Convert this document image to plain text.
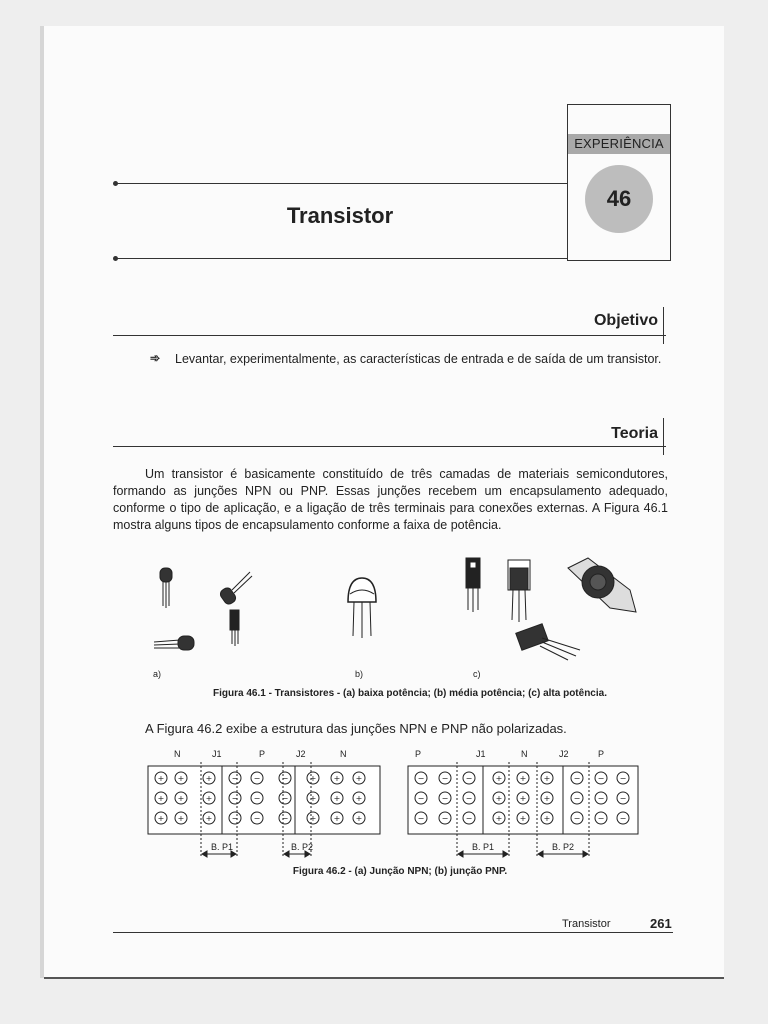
EXPERIÊNCIA
46
Transistor
Objetivo
➾ Levantar, experimentalmente, as características de entrada e de saída de um transistor.
Teoria
Um transistor é basicamente constituído de três camadas de materiais semicondutores, formando as junções NPN ou PNP. Essas junções recebem um encapsulamento adequado, conforme o tipo de aplicação, e a ligação de três terminais para conexões externas. A Figura 46.1 mostra alguns tipos de encapsulamento conforme a faixa de potência.
a)	b)	c)
Figura 46.1 - Transistores - (a) baixa potência; (b) média potência; (c) alta potência.
A Figura 46.2 exibe a estrutura das junções NPN e PNP não polarizadas.
N	J1	P	J2	N
+ +	+
+ +	+
+ +	+
− −	−
− −	−
− −	−
+ + +
+ + +
+ + +
B. P1	B. P2
P	J1	N	J2	P
− − −
− − −
− − −
+ + +
+ + +
+ + +
− − −
− − −
− − −
B. P1	B. P2
Figura 46.2 - (a) Junção NPN; (b) junção PNP.
Transistor	261
